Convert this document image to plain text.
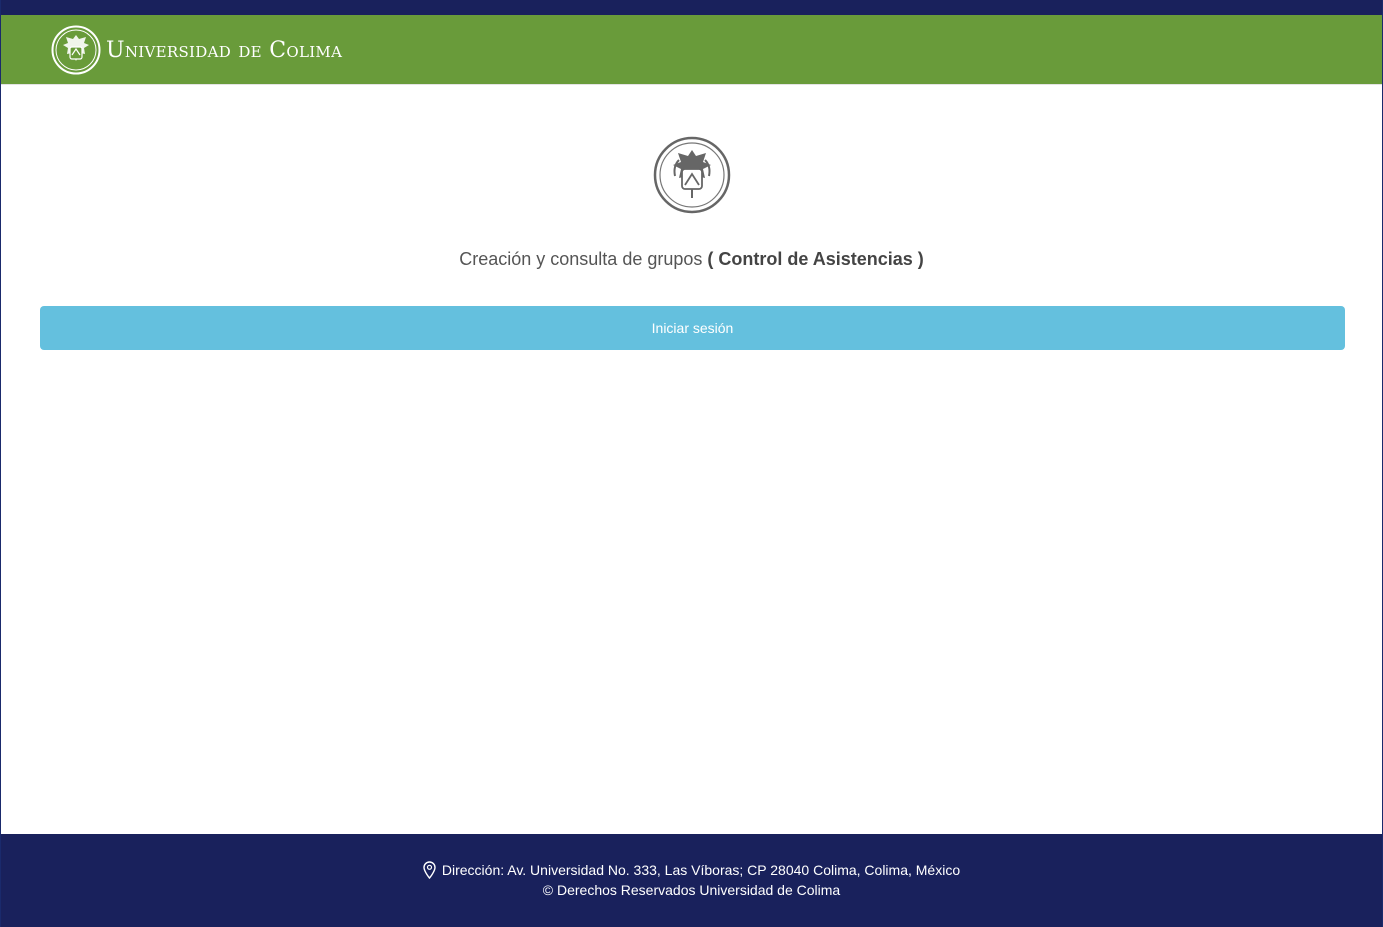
Universidad de Colima
Creación y consulta de grupos ( Control de Asistencias )
Iniciar sesión
Dirección: Av. Universidad No. 333, Las Víboras; CP 28040 Colima, Colima, México
© Derechos Reservados Universidad de Colima
